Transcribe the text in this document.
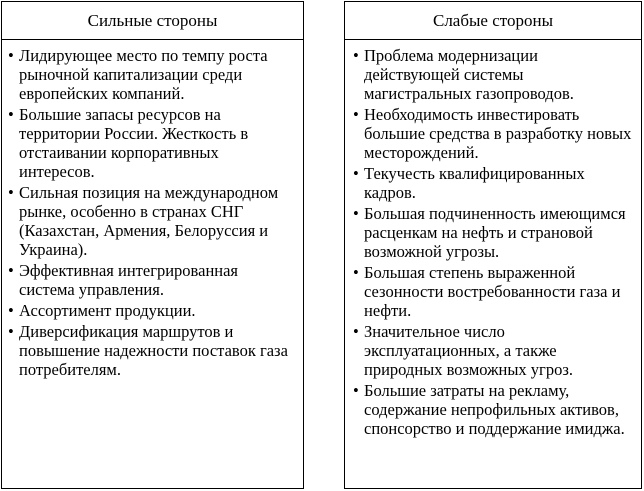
Сильные стороны
• Лидирующее место по темпу роста рыночной капитализации среди европейских компаний.
• Большие запасы ресурсов на территории России. Жесткость в отстаивании корпоративных интересов.
• Сильная позиция на международном рынке, особенно в странах СНГ (Казахстан, Армения, Белоруссия и Украина).
• Эффективная интегрированная система управления.
• Ассортимент продукции.
• Диверсификация маршрутов и повышение надежности поставок газа потребителям.
Слабые стороны
• Проблема модернизации действующей системы магистральных газопроводов.
• Необходимость инвестировать большие средства в разработку новых месторождений.
• Текучесть квалифицированных кадров.
• Большая подчиненность имеющимся расценкам на нефть и страновой возможной угрозы.
• Большая степень выраженной сезонности востребованности газа и нефти.
• Значительное число эксплуатационных, а также природных возможных угроз.
• Большие затраты на рекламу, содержание непрофильных активов, спонсорство и поддержание имиджа.
